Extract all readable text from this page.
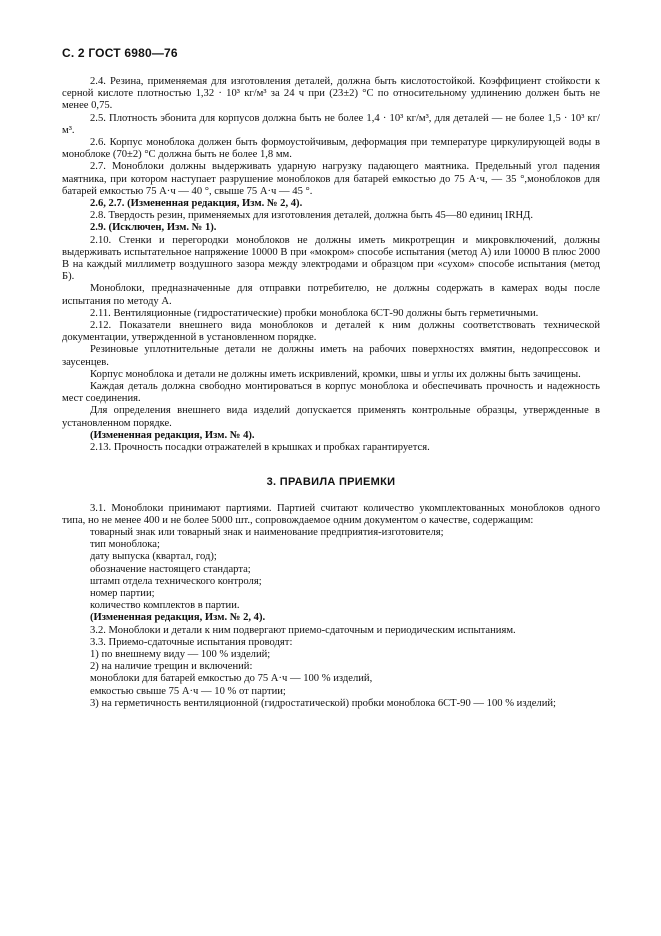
С. 2 ГОСТ 6980—76

2.4. Резина, применяемая для изготовления деталей, должна быть кислотостойкой. Коэффициент стойкости к серной кислоте плотностью 1,32 · 10³ кг/м³ за 24 ч при (23±2) °С по относительному удлинению должен быть не менее 0,75.

2.5. Плотность эбонита для корпусов должна быть не более 1,4 · 10³ кг/м³, для деталей — не более 1,5 · 10³ кг/м³.

2.6. Корпус моноблока должен быть формоустойчивым, деформация при температуре циркулирующей воды в моноблоке (70±2) °С должна быть не более 1,8 мм.

2.7. Моноблоки должны выдерживать ударную нагрузку падающего маятника. Предельный угол падения маятника, при котором наступает разрушение моноблоков для батарей емкостью до 75 А·ч, — 35 °,моноблоков для батарей емкостью 75 А·ч — 40 °, свыше 75 А·ч — 45 °.

2.6, 2.7. (Измененная редакция, Изм. № 2, 4).

2.8. Твердость резин, применяемых для изготовления деталей, должна быть 45—80 единиц IRHД.

2.9. (Исключен, Изм. № 1).

2.10. Стенки и перегородки моноблоков не должны иметь микротрещин и микровключений, должны выдерживать испытательное напряжение 10000 В при «мокром» способе испытания (метод А) или 10000 В плюс 2000 В на каждый миллиметр воздушного зазора между электродами и образцом при «сухом» способе испытания (метод Б).

Моноблоки, предназначенные для отправки потребителю, не должны содержать в камерах воды после испытания по методу А.

2.11. Вентиляционные (гидростатические) пробки моноблока 6СТ-90 должны быть герметичными.

2.12. Показатели внешнего вида моноблоков и деталей к ним должны соответствовать технической документации, утвержденной в установленном порядке.

Резиновые уплотнительные детали не должны иметь на рабочих поверхностях вмятин, недопрессовок и заусенцев.

Корпус моноблока и детали не должны иметь искривлений, кромки, швы и углы их должны быть зачищены.

Каждая деталь должна свободно монтироваться в корпус моноблока и обеспечивать прочность и надежность мест соединения.

Для определения внешнего вида изделий допускается применять контрольные образцы, утвержденные в установленном порядке.

(Измененная редакция, Изм. № 4).

2.13. Прочность посадки отражателей в крышках и пробках гарантируется.

3. ПРАВИЛА ПРИЕМКИ

3.1. Моноблоки принимают партиями. Партией считают количество укомплектованных моноблоков одного типа, но не менее 400 и не более 5000 шт., сопровождаемое одним документом о качестве, содержащим:

товарный знак или товарный знак и наименование предприятия-изготовителя;

тип моноблока;

дату выпуска (квартал, год);

обозначение настоящего стандарта;

штамп отдела технического контроля;

номер партии;

количество комплектов в партии.

(Измененная редакция, Изм. № 2, 4).

3.2. Моноблоки и детали к ним подвергают приемо-сдаточным и периодическим испытаниям.

3.3. Приемо-сдаточные испытания проводят:

1) по внешнему виду — 100 % изделий;

2) на наличие трещин и включений:

моноблоки для батарей емкостью до 75 А·ч — 100 % изделий,

емкостью свыше 75 А·ч — 10 % от партии;

3) на герметичность вентиляционной (гидростатической) пробки моноблока 6СТ-90 — 100 % изделий;
